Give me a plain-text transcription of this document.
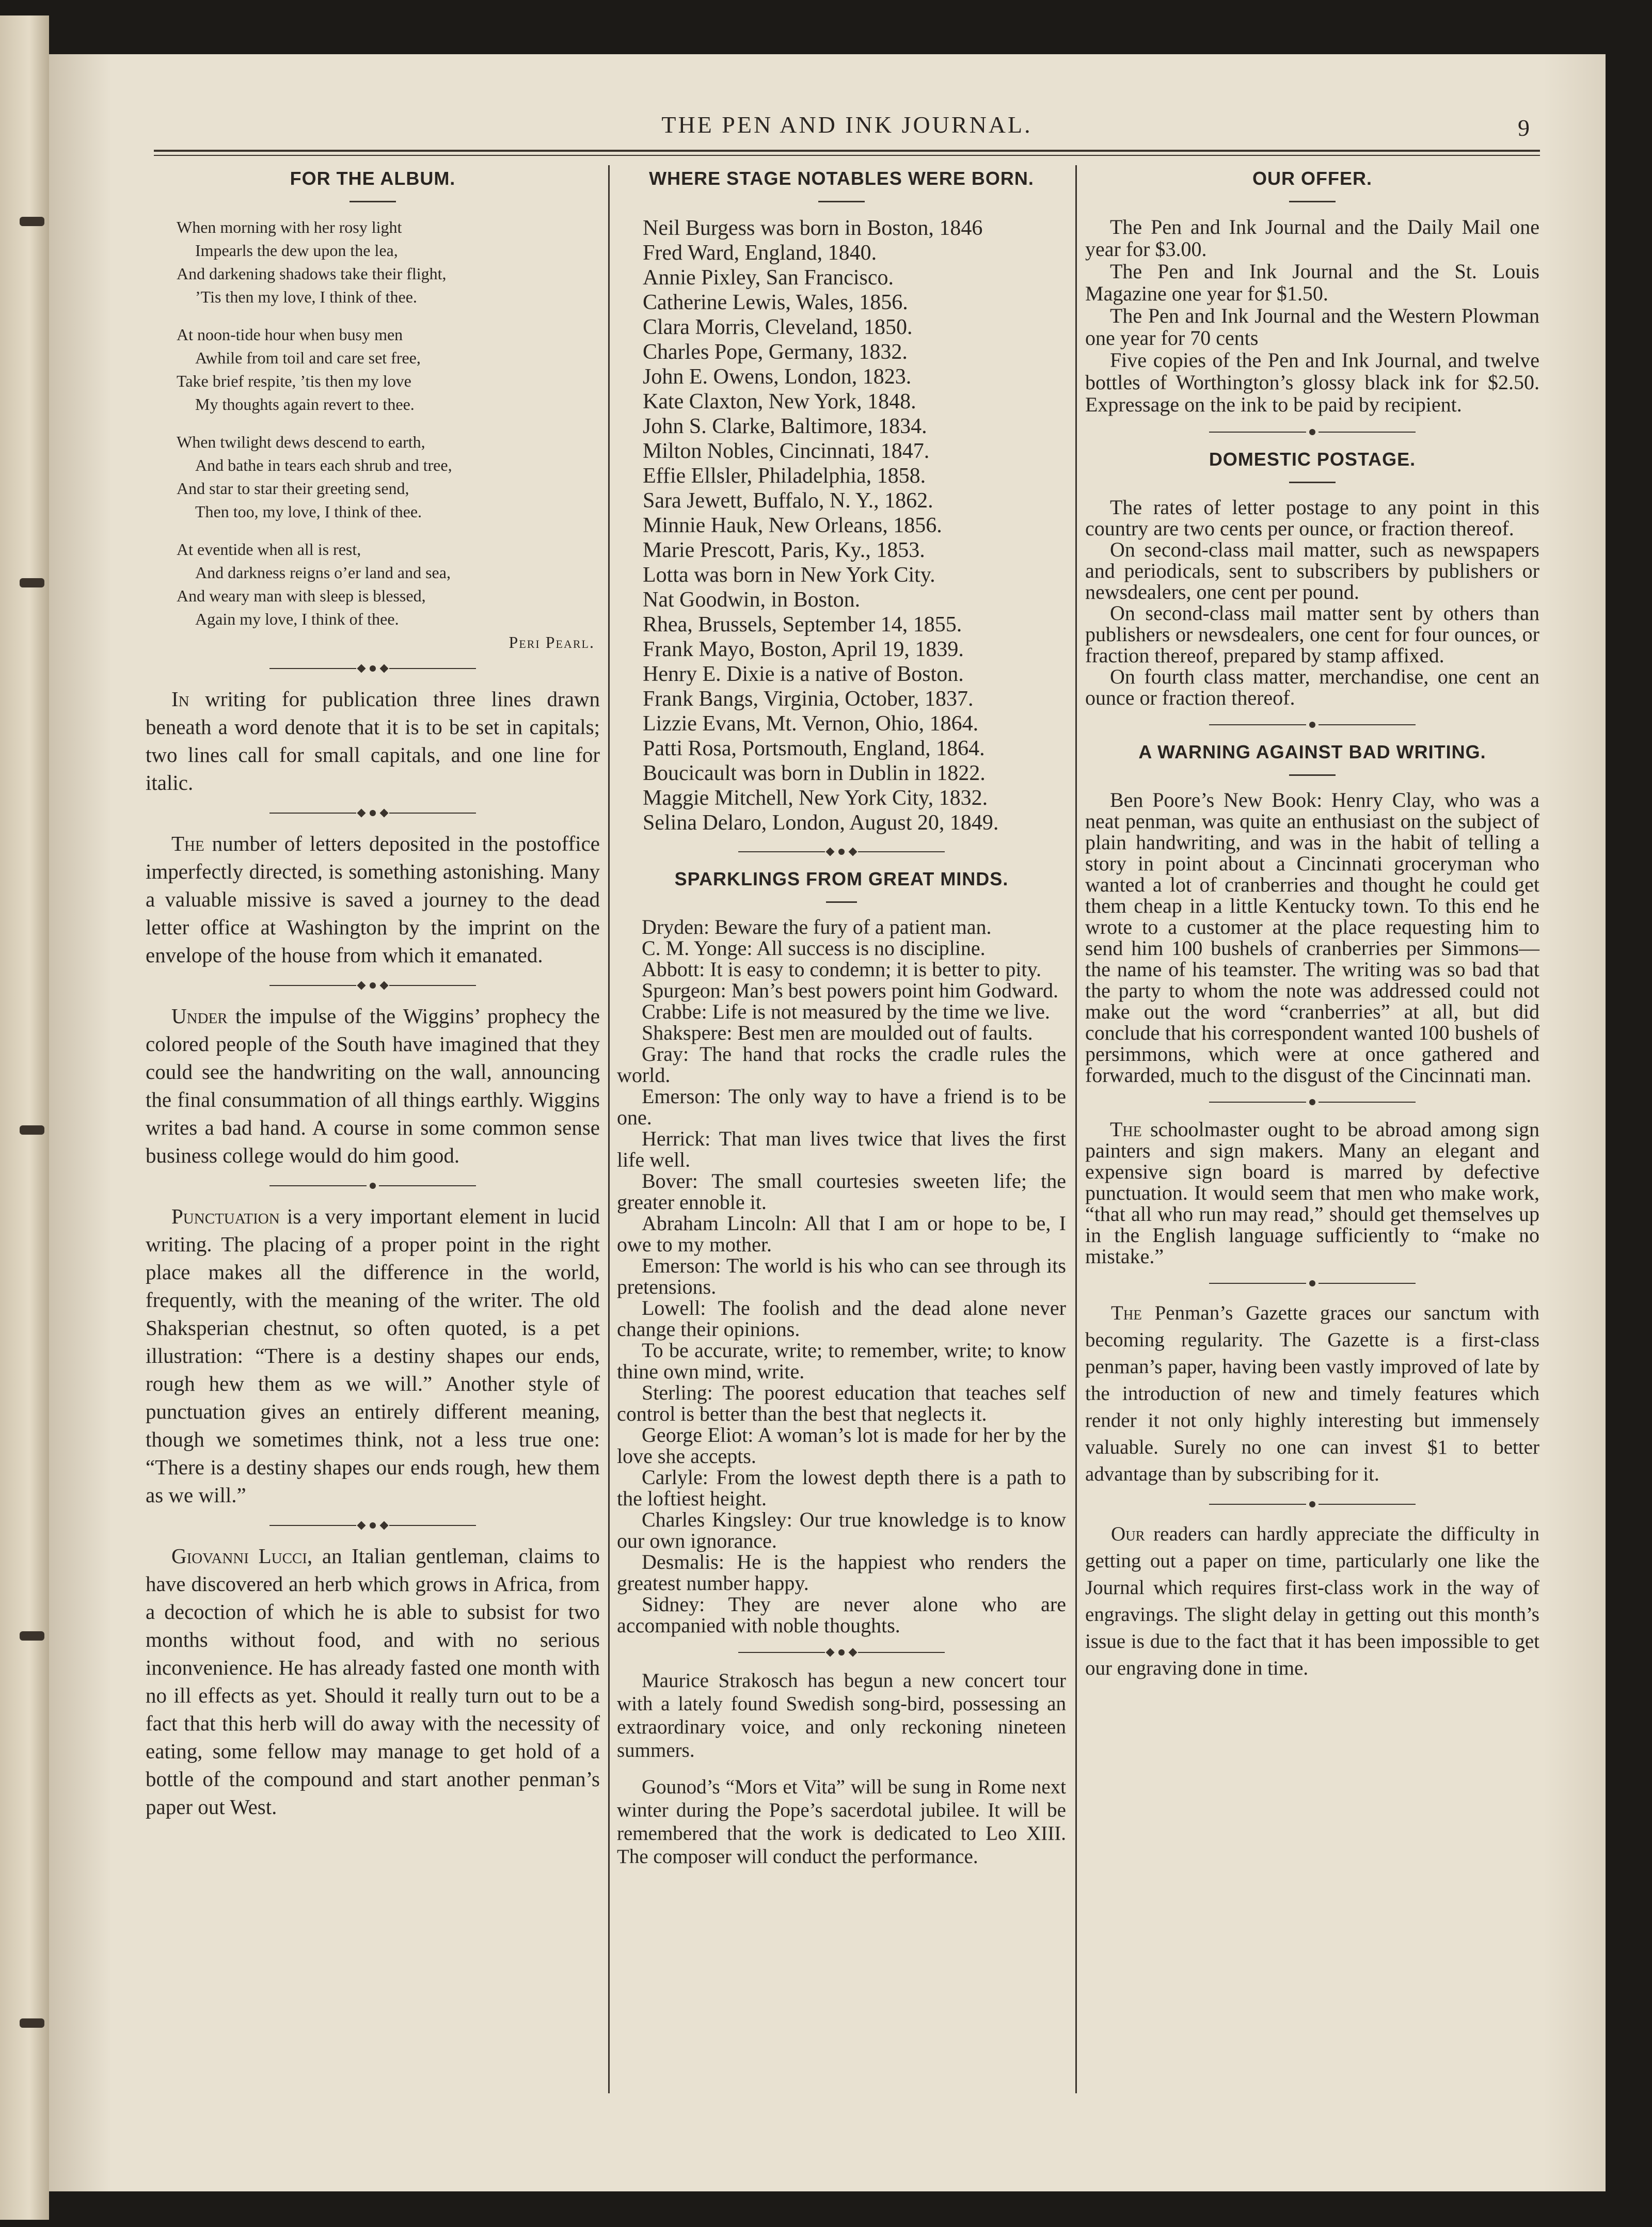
THE PEN AND INK JOURNAL.	9
FOR THE ALBUM.
When morning with her rosy light
Impearls the dew upon the lea,
And darkening shadows take their flight,
’Tis then my love, I think of thee.
At noon-tide hour when busy men
Awhile from toil and care set free,
Take brief respite, ’tis then my love
My thoughts again revert to thee.
When twilight dews descend to earth,
And bathe in tears each shrub and tree,
And star to star their greeting send,
Then too, my love, I think of thee.
At eventide when all is rest,
And darkness reigns o’er land and sea,
And weary man with sleep is blessed,
Again my love, I think of thee.
Peri Pearl.

In writing for publication three lines drawn beneath a word denote that it is to be set in capitals; two lines call for small capitals, and one line for italic.

The number of letters deposited in the postoffice imperfectly directed, is something astonishing. Many a valuable missive is saved a journey to the dead letter office at Washington by the imprint on the envelope of the house from which it emanated.

Under the impulse of the Wiggins’ prophecy the colored people of the South have imagined that they could see the handwriting on the wall, announcing the final consummation of all things earthly. Wiggins writes a bad hand. A course in some common sense business college would do him good.

Punctuation is a very important element in lucid writing. The placing of a proper point in the right place makes all the difference in the world, frequently, with the meaning of the writer. The old Shaksperian chestnut, so often quoted, is a pet illustration: “There is a destiny shapes our ends, rough hew them as we will.” Another style of punctuation gives an entirely different meaning, though we sometimes think, not a less true one: “There is a destiny shapes our ends rough, hew them as we will.”

Giovanni Lucci, an Italian gentleman, claims to have discovered an herb which grows in Africa, from a decoction of which he is able to subsist for two months without food, and with no serious inconvenience. He has already fasted one month with no ill effects as yet. Should it really turn out to be a fact that this herb will do away with the necessity of eating, some fellow may manage to get hold of a bottle of the compound and start another penman’s paper out West.

WHERE STAGE NOTABLES WERE BORN.
Neil Burgess was born in Boston, 1846
Fred Ward, England, 1840.
Annie Pixley, San Francisco.
Catherine Lewis, Wales, 1856.
Clara Morris, Cleveland, 1850.
Charles Pope, Germany, 1832.
John E. Owens, London, 1823.
Kate Claxton, New York, 1848.
John S. Clarke, Baltimore, 1834.
Milton Nobles, Cincinnati, 1847.
Effie Ellsler, Philadelphia, 1858.
Sara Jewett, Buffalo, N. Y., 1862.
Minnie Hauk, New Orleans, 1856.
Marie Prescott, Paris, Ky., 1853.
Lotta was born in New York City.
Nat Goodwin, in Boston.
Rhea, Brussels, September 14, 1855.
Frank Mayo, Boston, April 19, 1839.
Henry E. Dixie is a native of Boston.
Frank Bangs, Virginia, October, 1837.
Lizzie Evans, Mt. Vernon, Ohio, 1864.
Patti Rosa, Portsmouth, England, 1864.
Boucicault was born in Dublin in 1822.
Maggie Mitchell, New York City, 1832.
Selina Delaro, London, August 20, 1849.
SPARKLINGS FROM GREAT MINDS.

Dryden: Beware the fury of a patient man.

C. M. Yonge: All success is no discipline.

Abbott: It is easy to condemn; it is better to pity.

Spurgeon: Man’s best powers point him Godward.

Crabbe: Life is not measured by the time we live.

Shakspere: Best men are moulded out of faults.

Gray: The hand that rocks the cradle rules the world.

Emerson: The only way to have a friend is to be one.

Herrick: That man lives twice that lives the first life well.

Bover: The small courtesies sweeten life; the greater ennoble it.

Abraham Lincoln: All that I am or hope to be, I owe to my mother.

Emerson: The world is his who can see through its pretensions.

Lowell: The foolish and the dead alone never change their opinions.

To be accurate, write; to remember, write; to know thine own mind, write.

Sterling: The poorest education that teaches self control is better than the best that neglects it.

George Eliot: A woman’s lot is made for her by the love she accepts.

Carlyle: From the lowest depth there is a path to the loftiest height.

Charles Kingsley: Our true knowledge is to know our own ignorance.

Desmalis: He is the happiest who renders the greatest number happy.

Sidney: They are never alone who are accompanied with noble thoughts.

Maurice Strakosch has begun a new concert tour with a lately found Swedish song-bird, possessing an extraordinary voice, and only reckoning nineteen summers.

Gounod’s “Mors et Vita” will be sung in Rome next winter during the Pope’s sacerdotal jubilee. It will be remembered that the work is dedicated to Leo XIII. The composer will conduct the performance.

OUR OFFER.

The Pen and Ink Journal and the Daily Mail one year for $3.00.

The Pen and Ink Journal and the St. Louis Magazine one year for $1.50.

The Pen and Ink Journal and the Western Plowman one year for 70 cents

Five copies of the Pen and Ink Journal, and twelve bottles of Worthington’s glossy black ink for $2.50. Expressage on the ink to be paid by recipient.

DOMESTIC POSTAGE.

The rates of letter postage to any point in this country are two cents per ounce, or fraction thereof.

On second-class mail matter, such as newspapers and periodicals, sent to subscribers by publishers or newsdealers, one cent per pound.

On second-class mail matter sent by others than publishers or newsdealers, one cent for four ounces, or fraction thereof, prepared by stamp affixed.

On fourth class matter, merchandise, one cent an ounce or fraction thereof.

A WARNING AGAINST BAD WRITING.

Ben Poore’s New Book: Henry Clay, who was a neat penman, was quite an enthusiast on the subject of plain handwriting, and was in the habit of telling a story in point about a Cincinnati groceryman who wanted a lot of cranberries and thought he could get them cheap in a little Kentucky town. To this end he wrote to a customer at the place requesting him to send him 100 bushels of cranberries per Simmons—the name of his teamster. The writing was so bad that the party to whom the note was addressed could not make out the word “cranberries” at all, but did conclude that his correspondent wanted 100 bushels of persimmons, which were at once gathered and forwarded, much to the disgust of the Cincinnati man.

The schoolmaster ought to be abroad among sign painters and sign makers. Many an elegant and expensive sign board is marred by defective punctuation. It would seem that men who make work, “that all who run may read,” should get themselves up in the English language sufficiently to “make no mistake.”

The Penman’s Gazette graces our sanctum with becoming regularity. The Gazette is a first-class penman’s paper, having been vastly improved of late by the introduction of new and timely features which render it not only highly interesting but immensely valuable. Surely no one can invest $1 to better advantage than by subscribing for it.

Our readers can hardly appreciate the difficulty in getting out a paper on time, particularly one like the Journal which requires first-class work in the way of engravings. The slight delay in getting out this month’s issue is due to the fact that it has been impossible to get our engraving done in time.
